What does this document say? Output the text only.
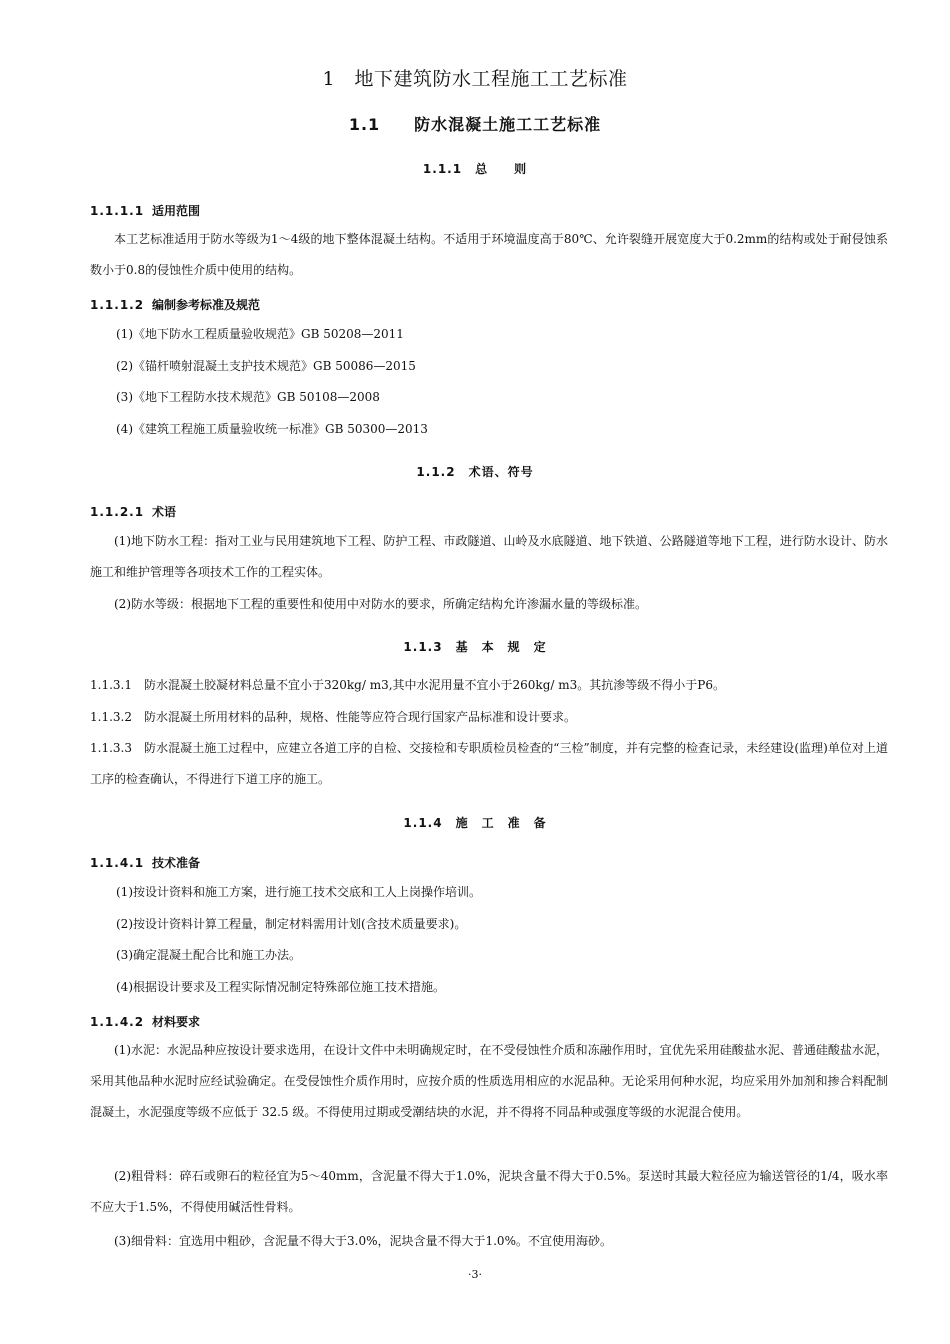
1　地下建筑防水工程施工工艺标准
1.1　　防水混凝土施工工艺标准
1.1.1　总　　则
1.1.1.1 适用范围
本工艺标准适用于防水等级为1～4级的地下整体混凝土结构。不适用于环境温度高于80℃、允许裂缝开展宽度大于0.2mm的结构或处于耐侵蚀系数小于0.8的侵蚀性介质中使用的结构。
1.1.1.2 编制参考标准及规范
(1)《地下防水工程质量验收规范》GB 50208—2011
(2)《锚杆喷射混凝土支护技术规范》GB 50086—2015
(3)《地下工程防水技术规范》GB 50108—2008
(4)《建筑工程施工质量验收统一标准》GB 50300—2013
1.1.2　术语、符号
1.1.2.1 术语
(1)地下防水工程：指对工业与民用建筑地下工程、防护工程、市政隧道、山岭及水底隧道、地下铁道、公路隧道等地下工程，进行防水设计、防水施工和维护管理等各项技术工作的工程实体。
(2)防水等级：根据地下工程的重要性和使用中对防水的要求，所确定结构允许渗漏水量的等级标准。
1.1.3　基　本　规　定
1.1.3.1　防水混凝土胶凝材料总量不宜小于320kg/ m3,其中水泥用量不宜小于260kg/ m3。其抗渗等级不得小于P6。
1.1.3.2　防水混凝土所用材料的品种，规格、性能等应符合现行国家产品标准和设计要求。
1.1.3.3　防水混凝土施工过程中，应建立各道工序的自检、交接检和专职质检员检查的“三检”制度，并有完整的检查记录，未经建设(监理)单位对上道工序的检查确认，不得进行下道工序的施工。
1.1.4　施　工　准　备
1.1.4.1 技术准备
(1)按设计资料和施工方案，进行施工技术交底和工人上岗操作培训。
(2)按设计资料计算工程量，制定材料需用计划(含技术质量要求)。
(3)确定混凝土配合比和施工办法。
(4)根据设计要求及工程实际情况制定特殊部位施工技术措施。
1.1.4.2 材料要求
(1)水泥：水泥品种应按设计要求选用，在设计文件中未明确规定时，在不受侵蚀性介质和冻融作用时，宜优先采用硅酸盐水泥、普通硅酸盐水泥，采用其他品种水泥时应经试验确定。在受侵蚀性介质作用时，应按介质的性质选用相应的水泥品种。无论采用何种水泥，均应采用外加剂和掺合料配制混凝土，水泥强度等级不应低于 32.5 级。不得使用过期或受潮结块的水泥，并不得将不同品种或强度等级的水泥混合使用。
(2)粗骨料：碎石或卵石的粒径宜为5～40mm，含泥量不得大于1.0%，泥块含量不得大于0.5%。泵送时其最大粒径应为输送管径的1/4，吸水率不应大于1.5%，不得使用碱活性骨料。
(3)细骨料：宜选用中粗砂，含泥量不得大于3.0%，泥块含量不得大于1.0%。不宜使用海砂。
·3·
